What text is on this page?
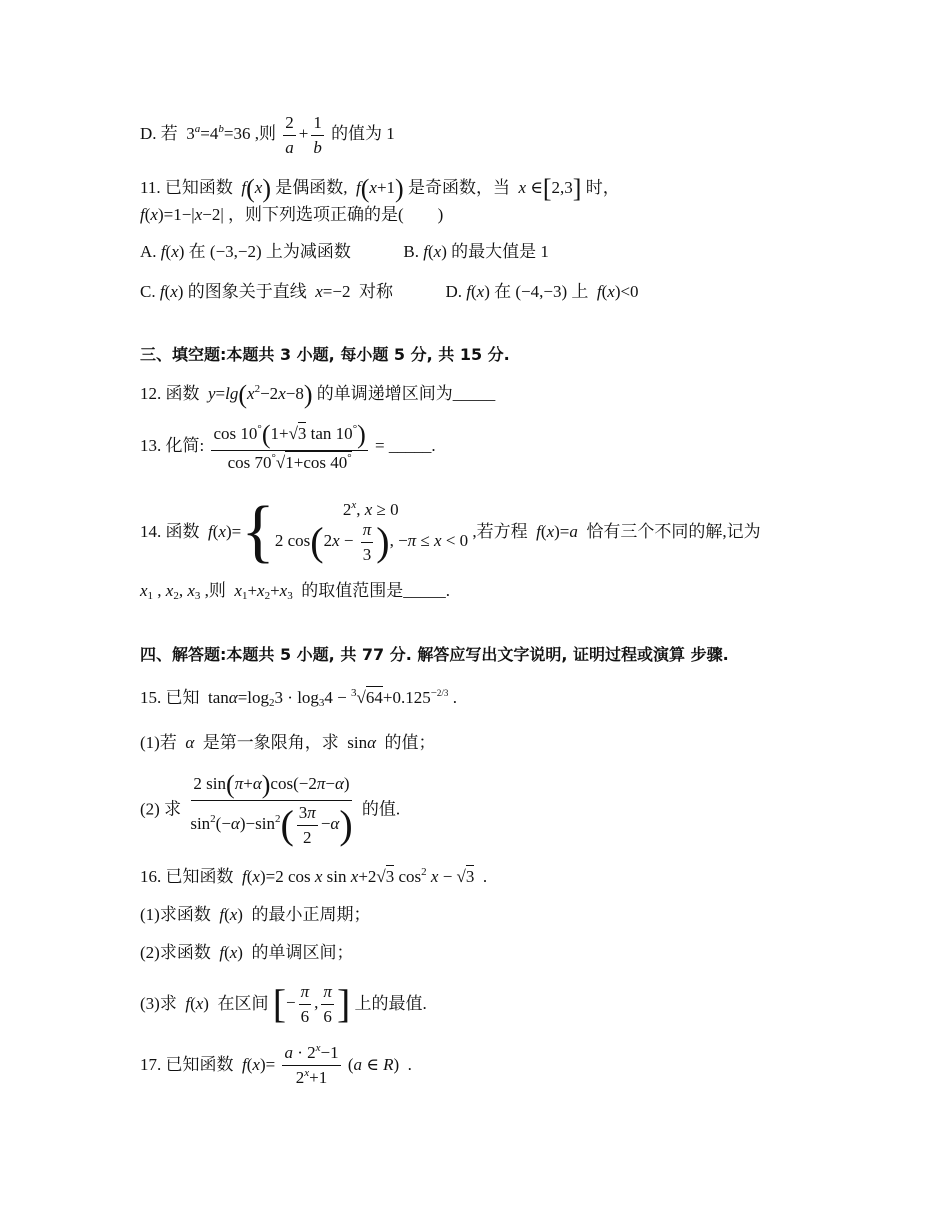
D. 若  $3^a=4^b=36$ ,则 $\frac{2}{a} + \frac{1}{b}$ 的值为 1
11. 已知函数 f(x) 是偶函数, f(x+1) 是奇函数，当 x ∈[2,3] 时，
f(x)=1−|x−2| ，则下列选项正确的是(　　)
A. f(x) 在 (−3,−2) 上为减函数	B. f(x) 的最大值是 1
C. f(x) 的图象关于直线 x=−2  对称	D. f(x) 在 (−4,−3) 上 f(x)<0
三、填空题:本题共 3 小题, 每小题 5 分, 共 15 分.
12. 函数 $y=\lg(x^2-2x-8)$ 的单调递增区间为_____
13. 化简: $\frac{\cos 10^\circ(1+√3 \tan 10^\circ)}{\cos 70^\circ√1+\cos 40^\circ}$ = _____.
14. 函数 f ( x )= {	2$^x$, x ≥ 0
2 $\cos(2x - \frac{\pi}{3}$ ), −π ≤ x < 0 ,若方程 f(x)=a 恰有三个不同的解,记为
$x_1$ , $x_2$, $x_3$ ,则 $x_1+x_2+x_3$ 的取值范围是_____.
四、解答题:本题共 5 小题, 共 77 分. 解答应写出文字说明, 证明过程或演算 步骤.
15. 已知  $\tan\alpha=\log_23 \cdot \log_34 - ^3√64+0.125^{-2/3}$ .
(1)若  α  是第一象限角，求  sinα 的值；
(2) 求 $\frac{2 \sin(\pi+\alpha)\cos(-2\pi-\alpha)}{\sin^2(-\alpha)-\sin^2( \frac{3\pi}{2} -\alpha)}$ 的值.
16. 已知函数 f(x)=2 cos x sin x+2√3 $\cos^2 x - √3$  .
(1)求函数 f(x)  的最小正周期；
(2)求函数 f(x)  的单调区间；
(3)求 f(x)  在区间 [− $\frac{\pi}{6}$ , $\frac{\pi}{6}$ ] 上的最值.
17. 已知函数 $f(x)= \frac{a \cdot 2^x-1}{2^x+1} (a$ ∈ R)  .
